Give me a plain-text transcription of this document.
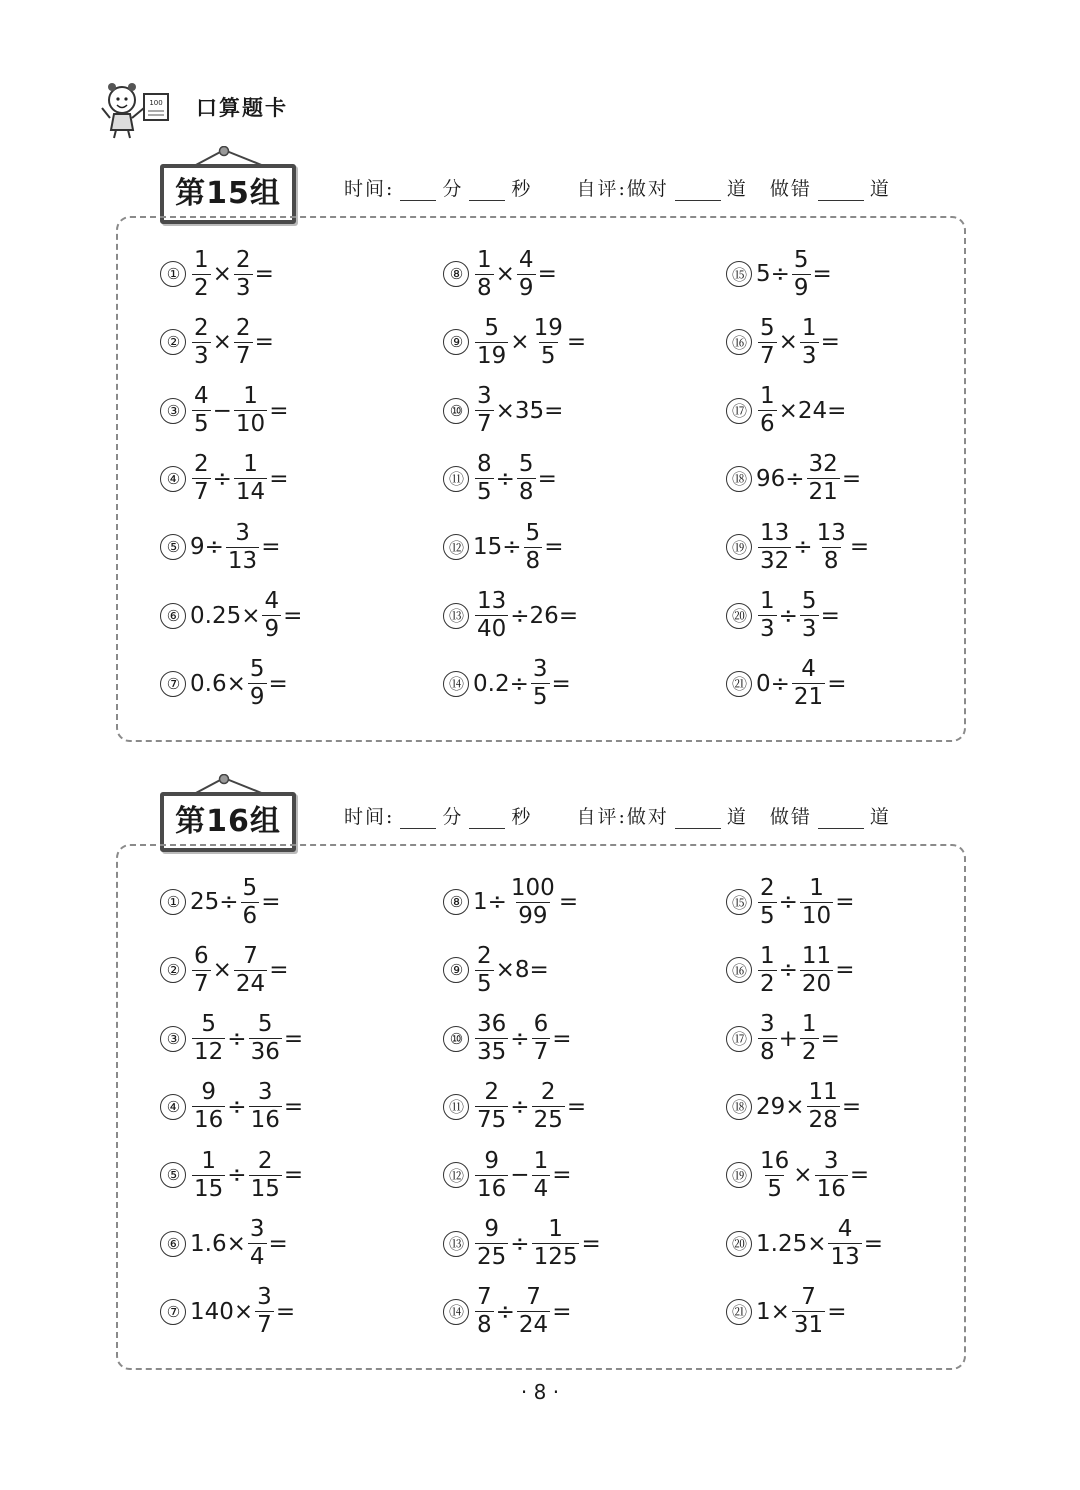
100 口算题卡
第15组	时间:	分	秒 自评:做对	道 做错	道
① $\frac{1}{2} \times \frac{2}{3}$ =
② $\frac{2}{3} \times \frac{2}{7}$ =
③ $\frac{4}{5} - \frac{1}{10}$ =
④ $\frac{2}{7} \div \frac{1}{14}$ =
⑤ $9\div \frac{3}{13}$ =
⑥ $0.25\times \frac{4}{9}$ =
⑦ $0.6\times \frac{5}{9}$ =
⑧ $\frac{1}{8} \times \frac{4}{9}$ =
⑨ $\frac{5}{19} \times \frac{19}{5}$ =
⑩ $\frac{3}{7} \times 35=$
⑪ $\frac{8}{5} \div \frac{5}{8}$ =
⑫ $15\div \frac{5}{8}$ =
⑬ $\frac{13}{40} \div 26=$
⑭ $0.2\div \frac{3}{5}$ =
⑮ $5\div \frac{5}{9}$ =
⑯ $\frac{5}{7} \times \frac{1}{3}$ =
⑰ $\frac{1}{6} \times 24=$
⑱ $96\div \frac{32}{21}$ =
⑲ $\frac{13}{32} \div \frac{13}{8}$ =
⑳ $\frac{1}{3} \div \frac{5}{3}$ =
㉑ $0\div \frac{4}{21}$ =
第16组	时间:	分	秒 自评:做对	道 做错	道
① $25\div \frac{5}{6}$ =
② $\frac{6}{7} \times \frac{7}{24}$ =
③ $\frac{5}{12} \div \frac{5}{36}$ =
④ $\frac{9}{16} \div \frac{3}{16}$ =
⑤ $\frac{1}{15} \div \frac{2}{15}$ =
⑥ $1.6\times \frac{3}{4}$ =
⑦ $140\times \frac{3}{7}$ =
⑧ $1\div \frac{100}{99}$ =
⑨ $\frac{2}{5} \times 8=$
⑩ $\frac{36}{35} \div \frac{6}{7}$ =
⑪ $\frac{2}{75} \div \frac{2}{25}$ =
⑫ $\frac{9}{16} - \frac{1}{4}$ =
⑬ $\frac{9}{25} \div \frac{1}{125}$ =
⑭ $\frac{7}{8} \div \frac{7}{24}$ =
⑮ $\frac{2}{5} \div \frac{1}{10}$ =
⑯ $\frac{1}{2} \div \frac{11}{20}$ =
⑰ $\frac{3}{8} + \frac{1}{2}$ =
⑱ $29\times \frac{11}{28}$ =
⑲ $\frac{16}{5} \times \frac{3}{16}$ =
⑳ $1.25\times \frac{4}{13}$ =
㉑ $1\times \frac{7}{31}$ =
· 8 ·
